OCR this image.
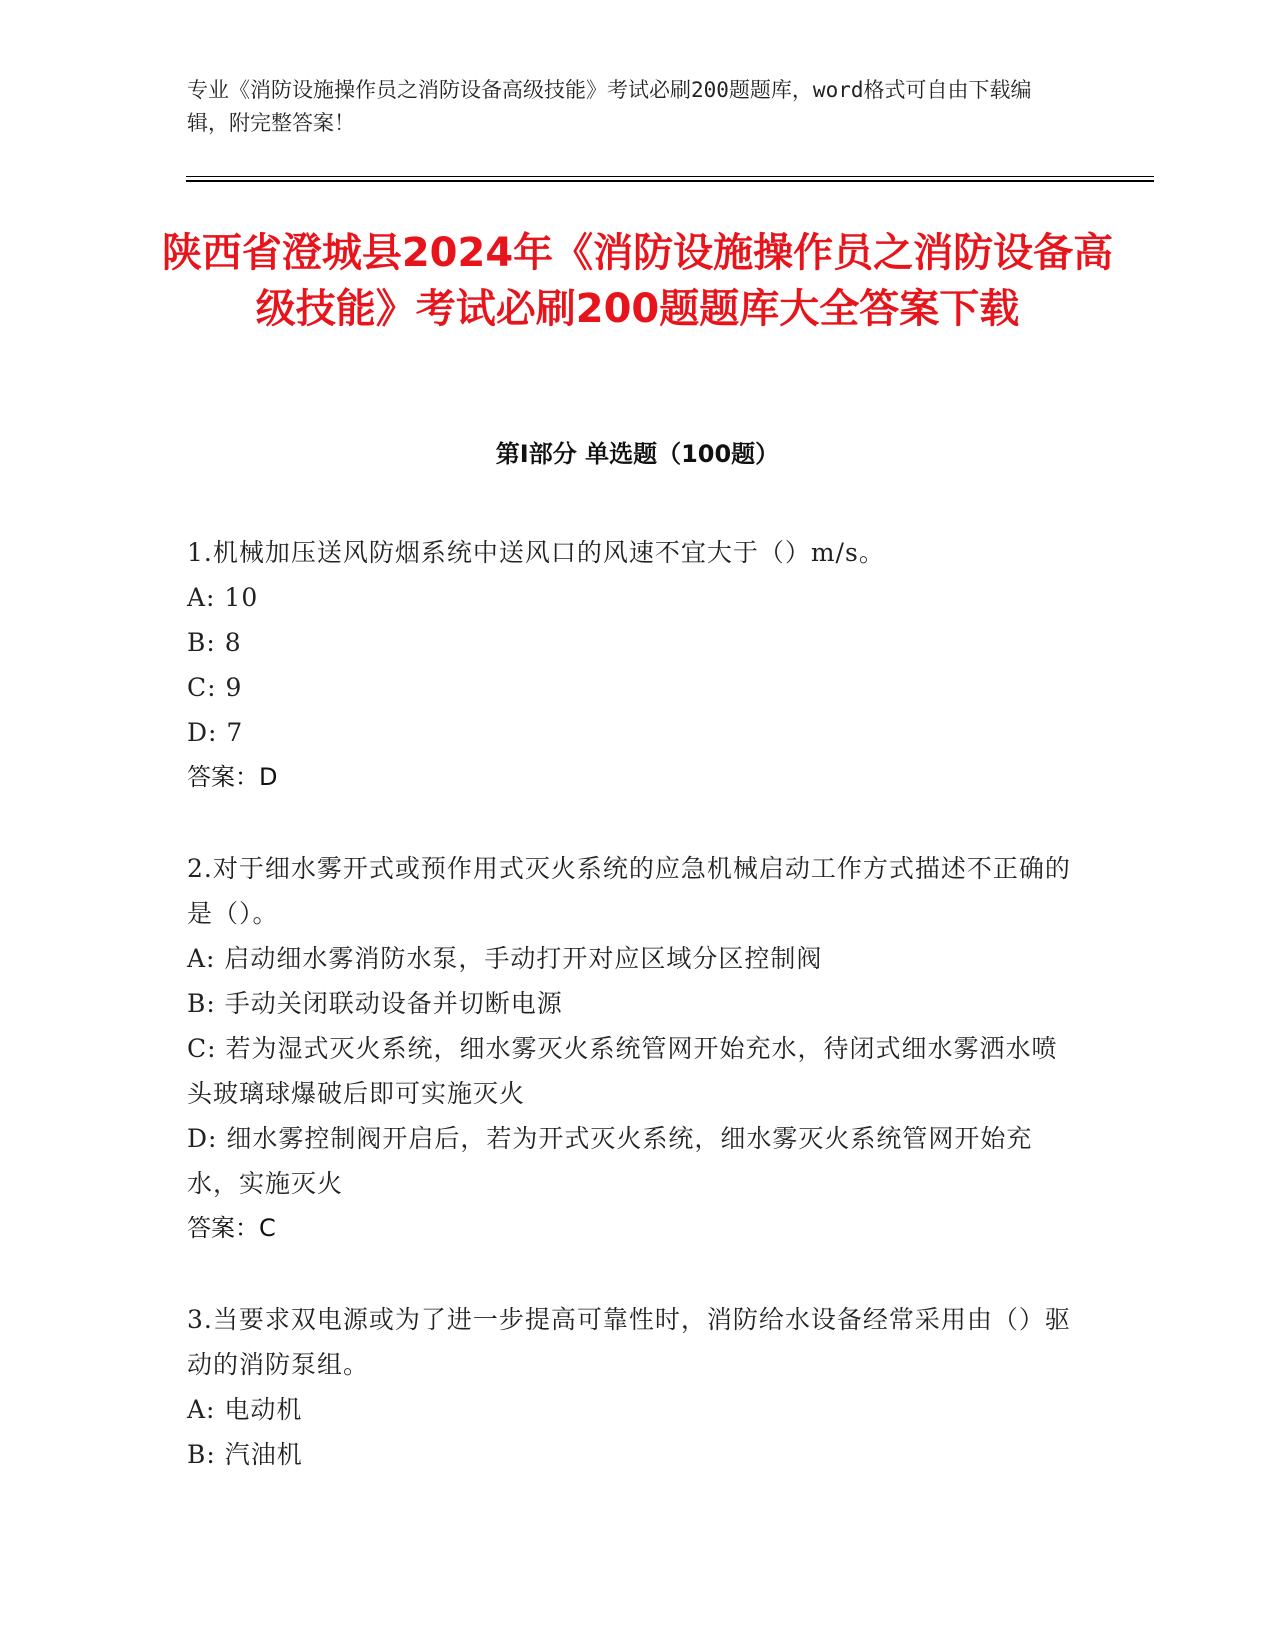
专业《消防设施操作员之消防设备高级技能》考试必刷200题题库，word格式可自由下载编辑，附完整答案！
陕西省澄城县2024年《消防设施操作员之消防设备高级技能》考试必刷200题题库大全答案下载
第I部分 单选题（100题）
1.机械加压送风防烟系统中送风口的风速不宜大于（）m/s。
A: 10
B: 8
C: 9
D: 7
答案：D
2.对于细水雾开式或预作用式灭火系统的应急机械启动工作方式描述不正确的是（）。
A: 启动细水雾消防水泵，手动打开对应区域分区控制阀
B: 手动关闭联动设备并切断电源
C: 若为湿式灭火系统，细水雾灭火系统管网开始充水，待闭式细水雾洒水喷头玻璃球爆破后即可实施灭火
D: 细水雾控制阀开启后，若为开式灭火系统，细水雾灭火系统管网开始充水，实施灭火
答案：C
3.当要求双电源或为了进一步提高可靠性时，消防给水设备经常采用由（）驱动的消防泵组。
A: 电动机
B: 汽油机
